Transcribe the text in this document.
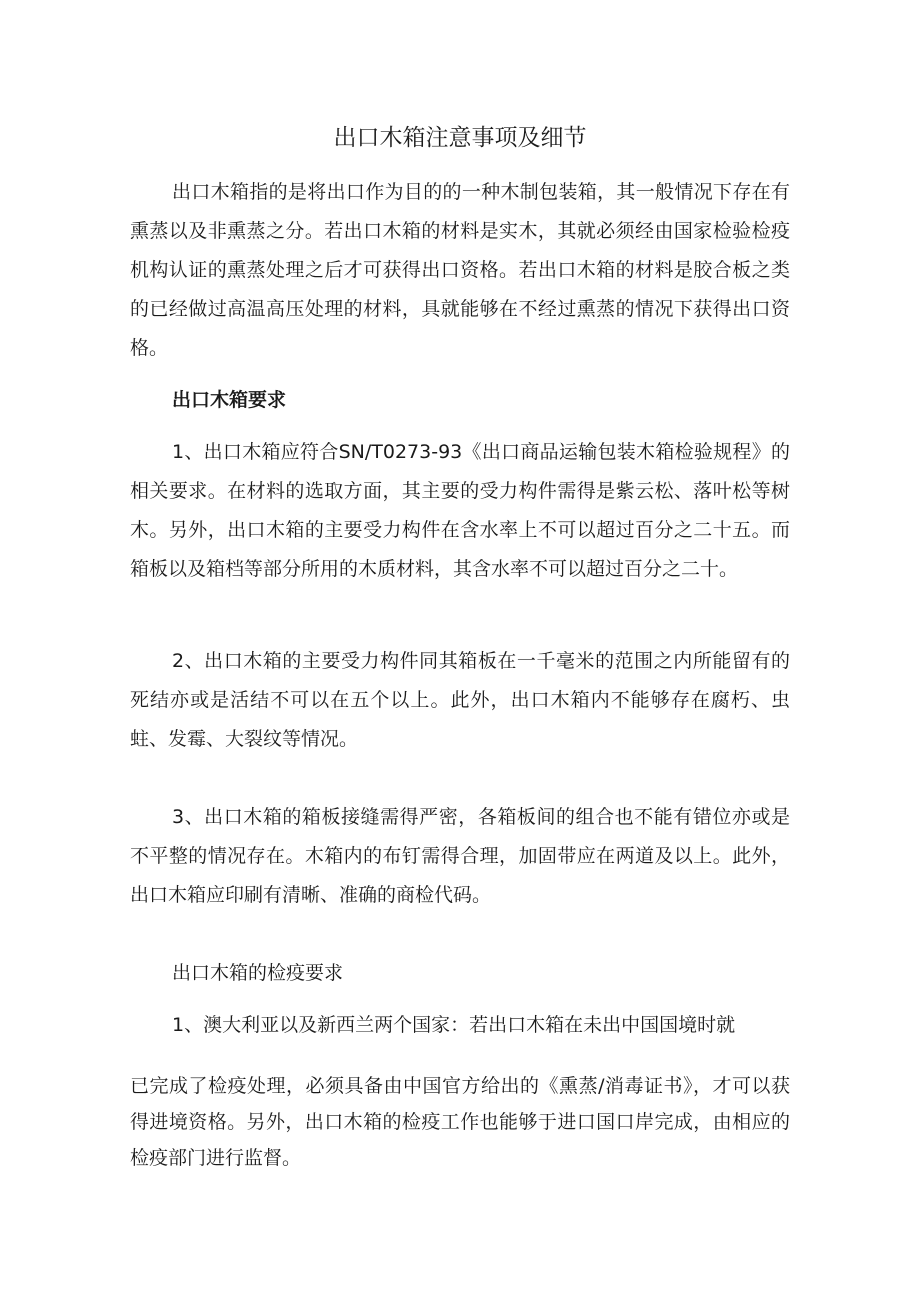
出口木箱注意事项及细节

出口木箱指的是将出口作为目的的一种木制包装箱，其一般情况下存在有熏蒸以及非熏蒸之分。若出口木箱的材料是实木，其就必须经由国家检验检疫机构认证的熏蒸处理之后才可获得出口资格。若出口木箱的材料是胶合板之类的已经做过高温高压处理的材料，具就能够在不经过熏蒸的情况下获得出口资格。

出口木箱要求

1、出口木箱应符合SN/T0273-93《出口商品运输包装木箱检验规程》的相关要求。在材料的选取方面，其主要的受力构件需得是紫云松、落叶松等树木。另外，出口木箱的主要受力构件在含水率上不可以超过百分之二十五。而箱板以及箱档等部分所用的木质材料，其含水率不可以超过百分之二十。

2、出口木箱的主要受力构件同其箱板在一千毫米的范围之内所能留有的死结亦或是活结不可以在五个以上。此外，出口木箱内不能够存在腐朽、虫蛀、发霉、大裂纹等情况。

3、出口木箱的箱板接缝需得严密，各箱板间的组合也不能有错位亦或是不平整的情况存在。木箱内的布钉需得合理，加固带应在两道及以上。此外，出口木箱应印刷有清晰、准确的商检代码。

出口木箱的检疫要求

1、澳大利亚以及新西兰两个国家：若出口木箱在未出中国国境时就

已完成了检疫处理，必须具备由中国官方给出的《熏蒸/消毒证书》，才可以获得进境资格。另外，出口木箱的检疫工作也能够于进口国口岸完成，由相应的检疫部门进行监督。
